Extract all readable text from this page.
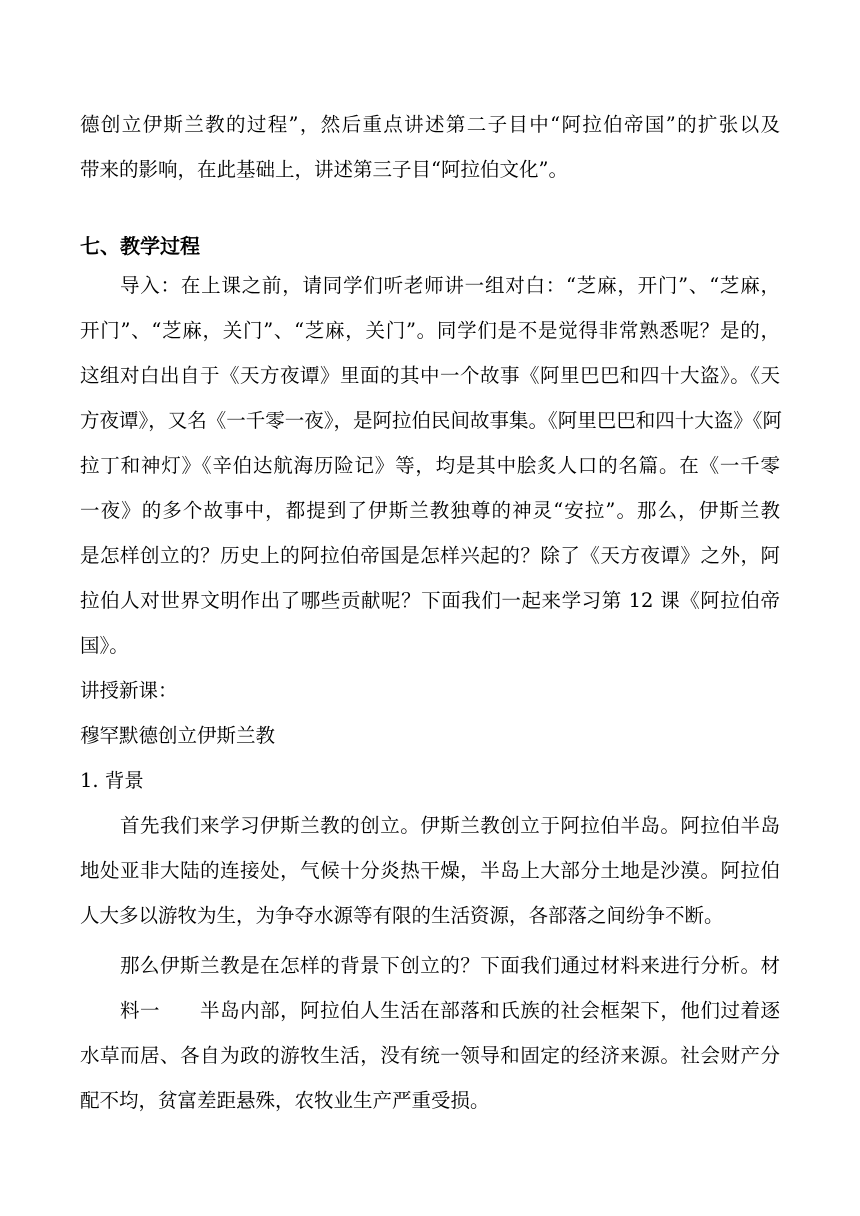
德创立伊斯兰教的过程”，然后重点讲述第二子目中“阿拉伯帝国”的扩张以及
带来的影响，在此基础上，讲述第三子目“阿拉伯文化”。
七、教学过程
导入：在上课之前，请同学们听老师讲一组对白：“芝麻，开门”、“芝麻，
开门”、“芝麻，关门”、“芝麻，关门”。同学们是不是觉得非常熟悉呢？是的，
这组对白出自于《天方夜谭》里面的其中一个故事《阿里巴巴和四十大盗》。《天
方夜谭》，又名《一千零一夜》，是阿拉伯民间故事集。《阿里巴巴和四十大盗》《阿
拉丁和神灯》《辛伯达航海历险记》等，均是其中脍炙人口的名篇。在《一千零
一夜》的多个故事中，都提到了伊斯兰教独尊的神灵“安拉”。那么，伊斯兰教
是怎样创立的？历史上的阿拉伯帝国是怎样兴起的？除了《天方夜谭》之外，阿
拉伯人对世界文明作出了哪些贡献呢？下面我们一起来学习第 12 课《阿拉伯帝
国》。
讲授新课：
穆罕默德创立伊斯兰教
1. 背景
首先我们来学习伊斯兰教的创立。伊斯兰教创立于阿拉伯半岛。阿拉伯半岛
地处亚非大陆的连接处，气候十分炎热干燥，半岛上大部分土地是沙漠。阿拉伯
人大多以游牧为生，为争夺水源等有限的生活资源，各部落之间纷争不断。
那么伊斯兰教是在怎样的背景下创立的？下面我们通过材料来进行分析。材
料一　　半岛内部，阿拉伯人生活在部落和氏族的社会框架下，他们过着逐
水草而居、各自为政的游牧生活，没有统一领导和固定的经济来源。社会财产分
配不均，贫富差距悬殊，农牧业生产严重受损。
